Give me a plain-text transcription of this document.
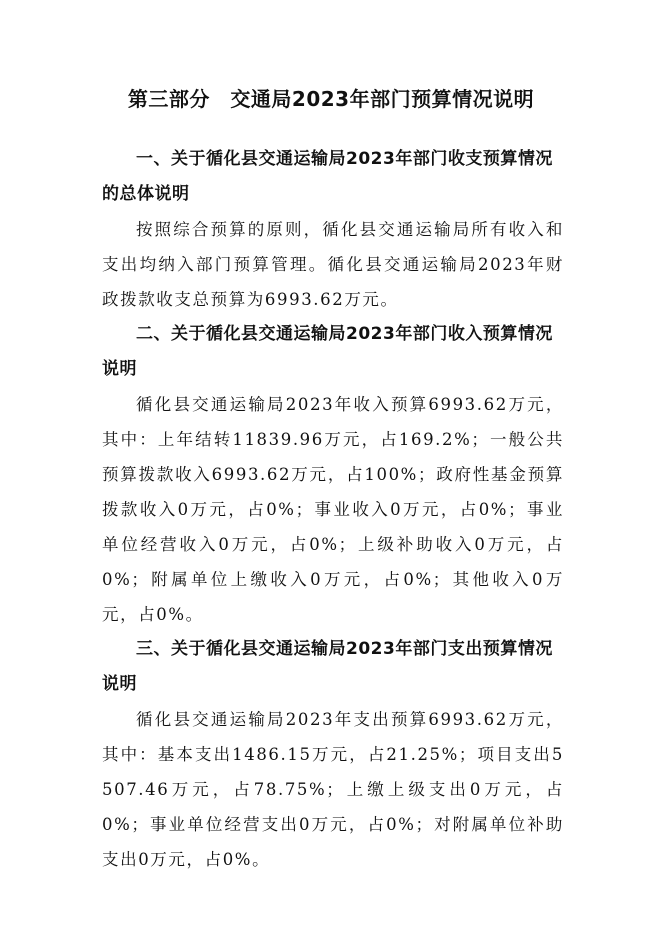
第三部分　交通局2023年部门预算情况说明

一、关于循化县交通运输局2023年部门收支预算情况的总体说明

按照综合预算的原则，循化县交通运输局所有收入和支出均纳入部门预算管理。循化县交通运输局2023年财政拨款收支总预算为6993.62万元。

二、关于循化县交通运输局2023年部门收入预算情况说明

循化县交通运输局2023年收入预算6993.62万元，其中：上年结转11839.96万元，占169.2%；一般公共预算拨款收入6993.62万元，占100%；政府性基金预算拨款收入0万元，占0%；事业收入0万元，占0%；事业单位经营收入0万元，占0%；上级补助收入0万元，占0%；附属单位上缴收入0万元，占0%；其他收入0万元，占0%。

三、关于循化县交通运输局2023年部门支出预算情况说明

循化县交通运输局2023年支出预算6993.62万元，其中：基本支出1486.15万元，占21.25%；项目支出5507.46万元，占78.75%；上缴上级支出0万元，占0%；事业单位经营支出0万元，占0%；对附属单位补助支出0万元，占0%。
